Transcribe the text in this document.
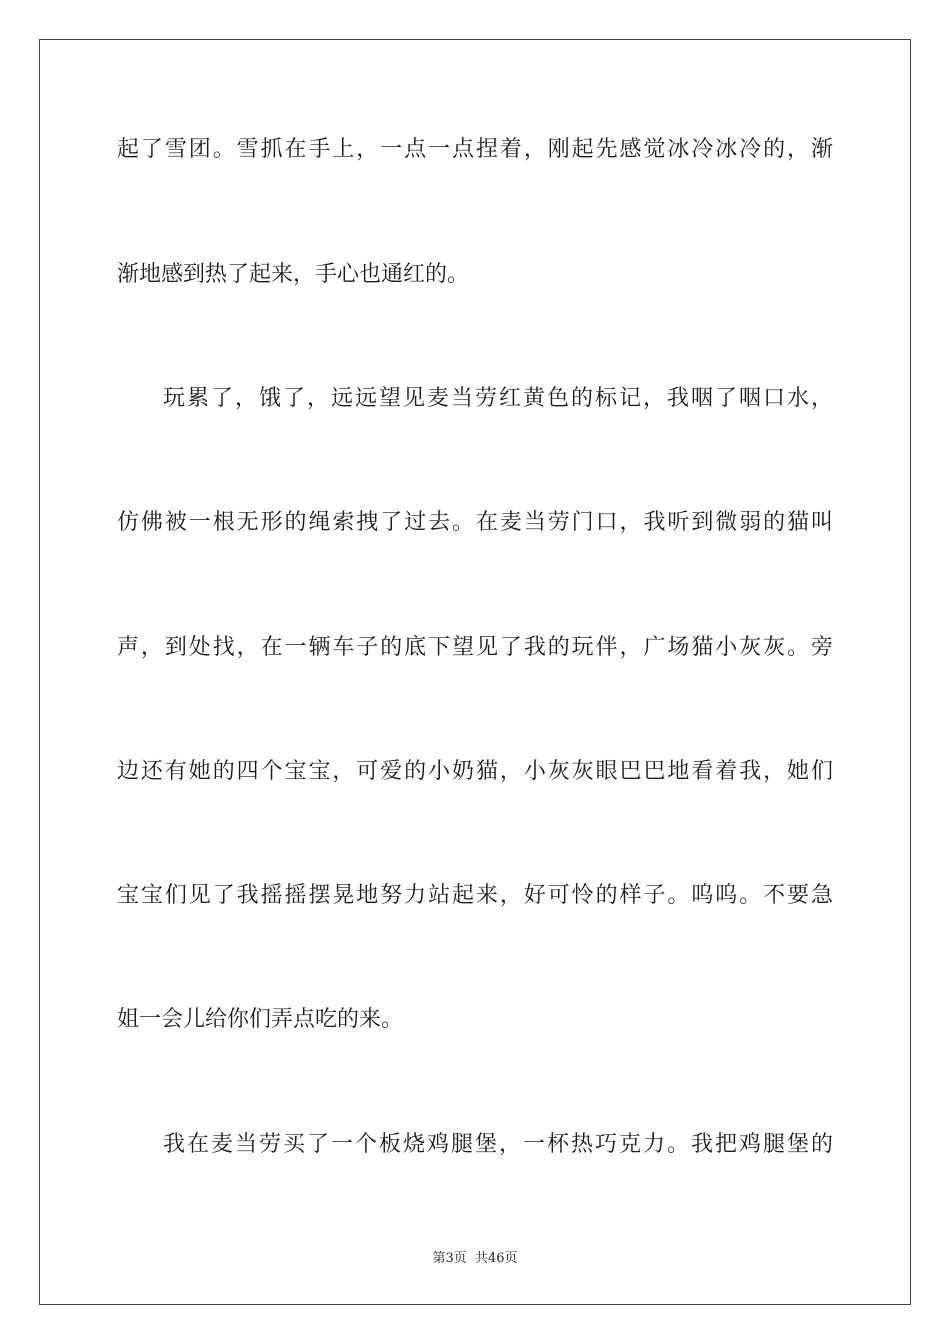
起了雪团。雪抓在手上，一点一点捏着，刚起先感觉冰冷冰冷的，渐
渐地感到热了起来，手心也通红的。
玩累了，饿了，远远望见麦当劳红黄色的标记，我咽了咽口水，
仿佛被一根无形的绳索拽了过去。在麦当劳门口，我听到微弱的猫叫
声，到处找，在一辆车子的底下望见了我的玩伴，广场猫小灰灰。旁
边还有她的四个宝宝，可爱的小奶猫，小灰灰眼巴巴地看着我，她们
宝宝们见了我摇摇摆晃地努力站起来，好可怜的样子。呜呜。不要急
姐一会儿给你们弄点吃的来。
我在麦当劳买了一个板烧鸡腿堡，一杯热巧克力。我把鸡腿堡的
第3页 共46页
